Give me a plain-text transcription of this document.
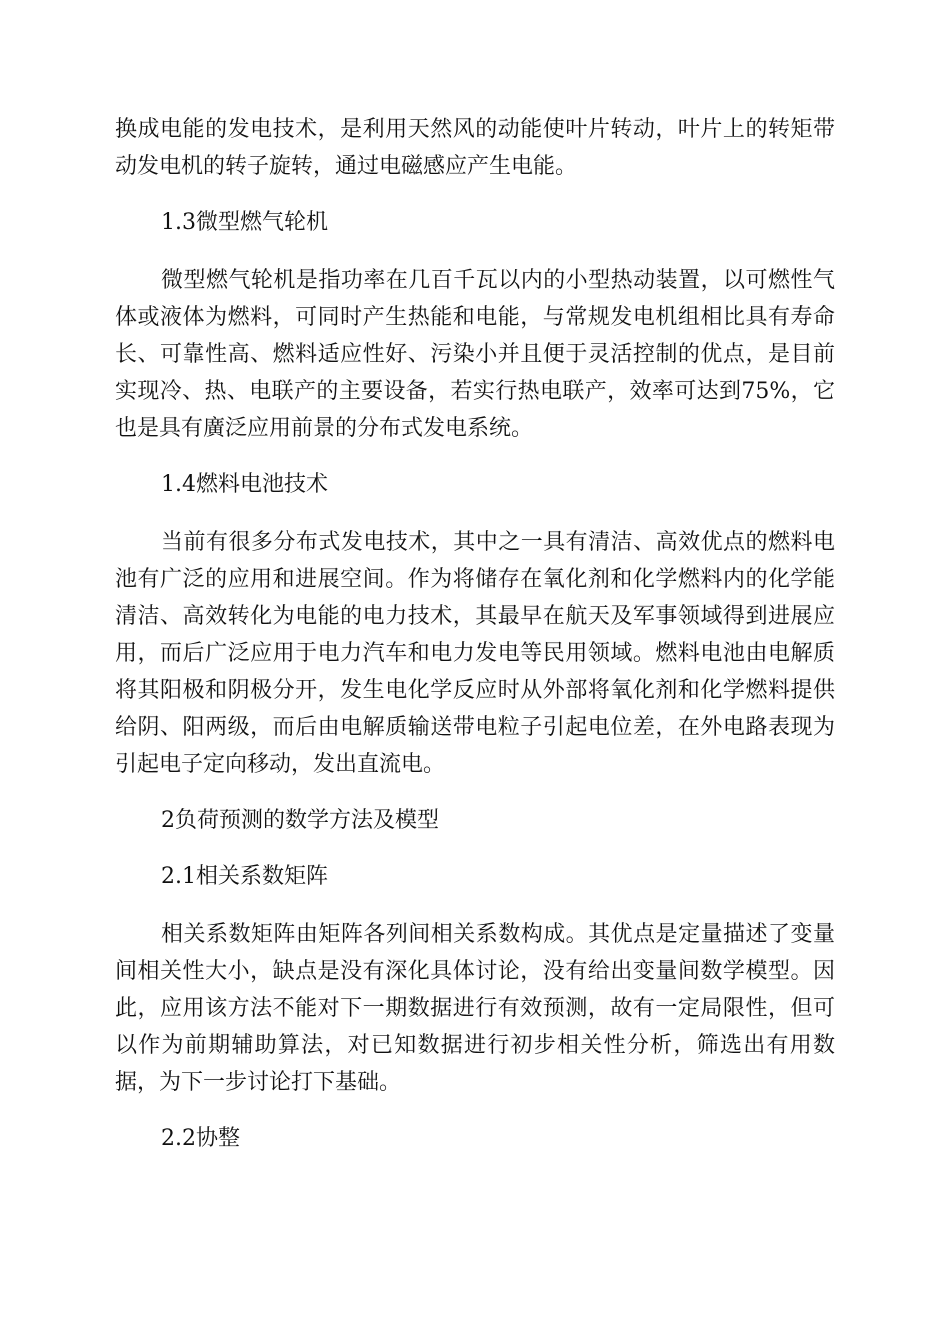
换成电能的发电技术，是利用天然风的动能使叶片转动，叶片上的转矩带动发电机的转子旋转，通过电磁感应产生电能。

1.3微型燃气轮机

微型燃气轮机是指功率在几百千瓦以内的小型热动装置，以可燃性气体或液体为燃料，可同时产生热能和电能，与常规发电机组相比具有寿命长、可靠性高、燃料适应性好、污染小并且便于灵活控制的优点，是目前实现冷、热、电联产的主要设备，若实行热电联产，效率可达到75%，它也是具有廣泛应用前景的分布式发电系统。

1.4燃料电池技术

当前有很多分布式发电技术，其中之一具有清洁、高效优点的燃料电池有广泛的应用和进展空间。作为将储存在氧化剂和化学燃料内的化学能清洁、高效转化为电能的电力技术，其最早在航天及军事领域得到进展应用，而后广泛应用于电力汽车和电力发电等民用领域。燃料电池由电解质将其阳极和阴极分开，发生电化学反应时从外部将氧化剂和化学燃料提供给阴、阳两级，而后由电解质输送带电粒子引起电位差，在外电路表现为引起电子定向移动，发出直流电。

2负荷预测的数学方法及模型

2.1相关系数矩阵

相关系数矩阵由矩阵各列间相关系数构成。其优点是定量描述了变量间相关性大小，缺点是没有深化具体讨论，没有给出变量间数学模型。因此，应用该方法不能对下一期数据进行有效预测，故有一定局限性，但可以作为前期辅助算法，对已知数据进行初步相关性分析，筛选出有用数据，为下一步讨论打下基础。

2.2协整
